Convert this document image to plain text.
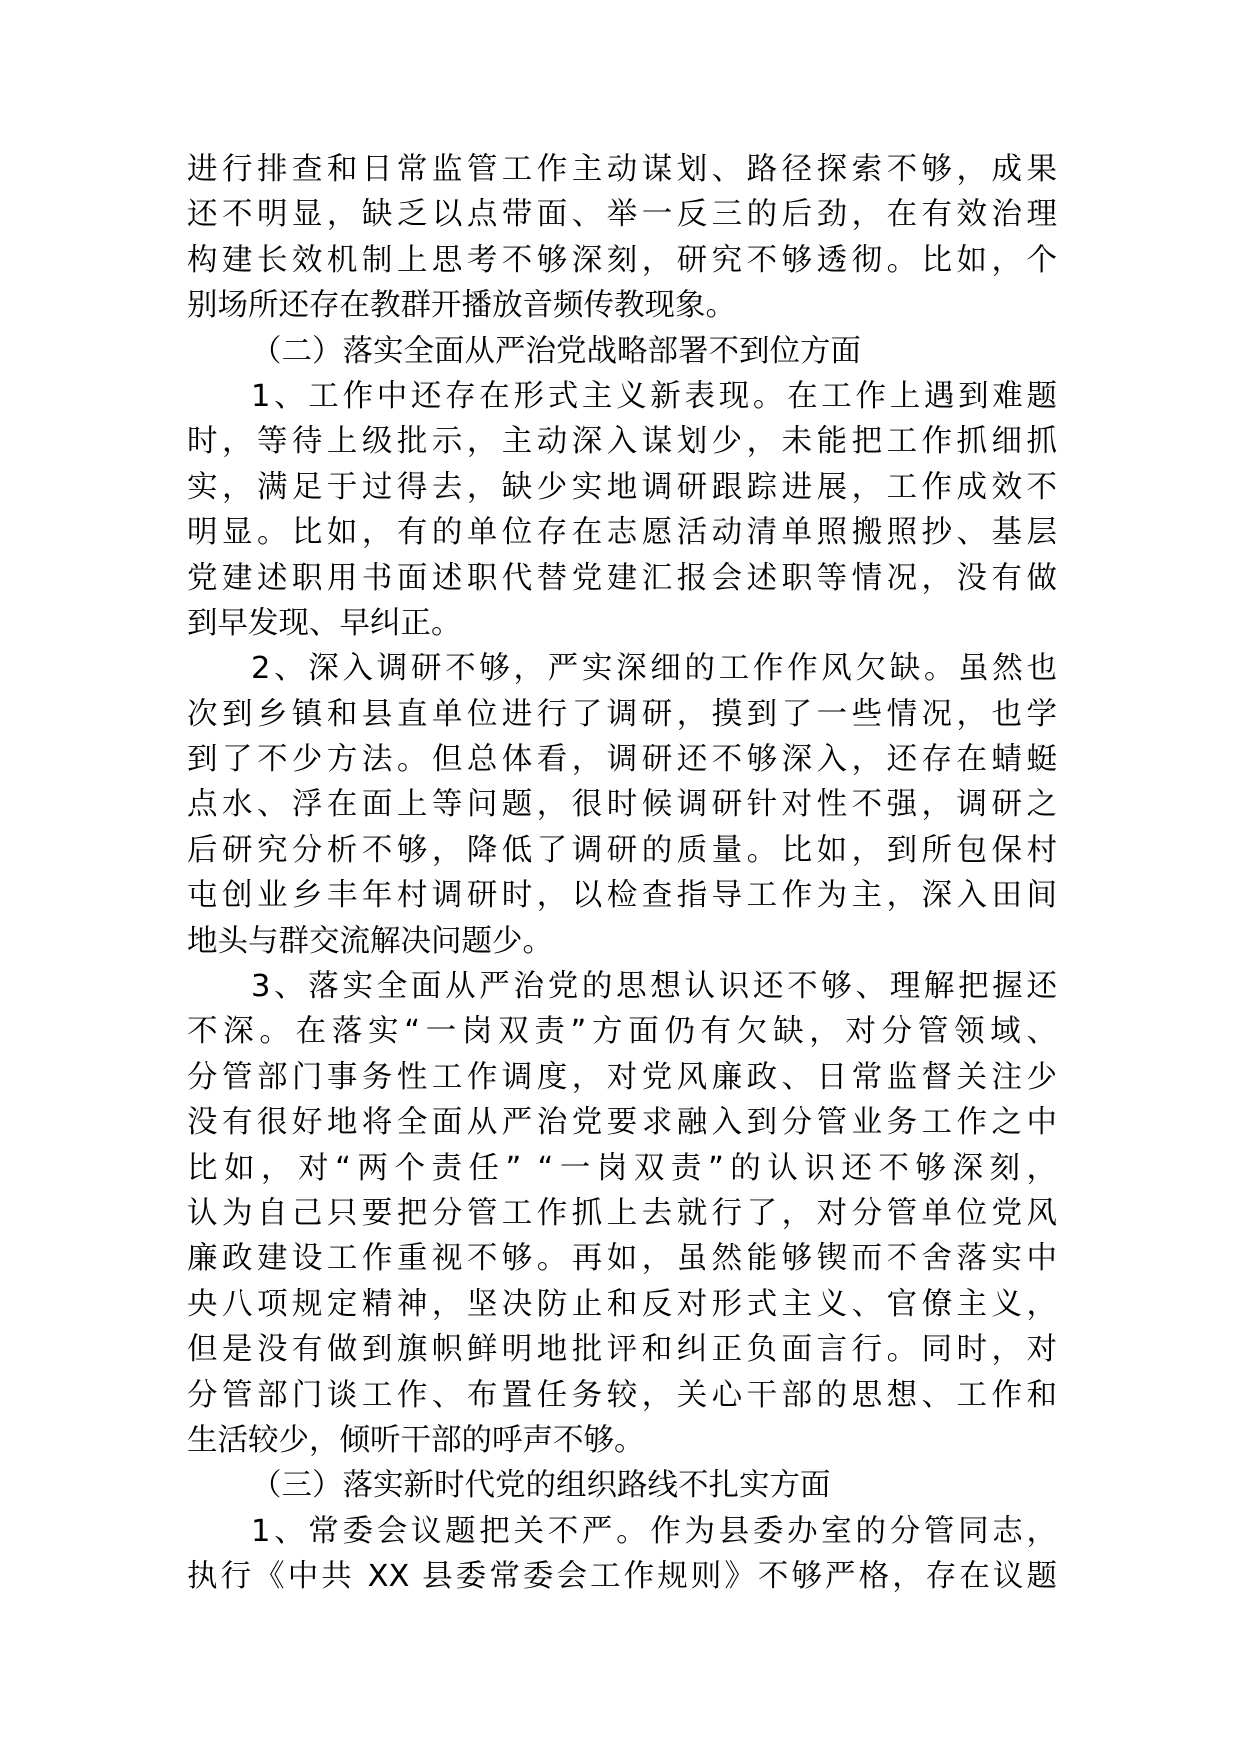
进行排查和日常监管工作主动谋划、路径探索不够，成果
还不明显，缺乏以点带面、举一反三的后劲，在有效治理
构建长效机制上思考不够深刻，研究不够透彻。比如，个
别场所还存在教群开播放音频传教现象。
（二）落实全面从严治党战略部署不到位方面
1、工作中还存在形式主义新表现。在工作上遇到难题
时，等待上级批示，主动深入谋划少，未能把工作抓细抓
实，满足于过得去，缺少实地调研跟踪进展，工作成效不
明显。比如，有的单位存在志愿活动清单照搬照抄、基层
党建述职用书面述职代替党建汇报会述职等情况，没有做
到早发现、早纠正。
2、深入调研不够，严实深细的工作作风欠缺。虽然也
次到乡镇和县直单位进行了调研，摸到了一些情况，也学
到了不少方法。但总体看，调研还不够深入，还存在蜻蜓
点水、浮在面上等问题，很时候调研针对性不强，调研之
后研究分析不够，降低了调研的质量。比如，到所包保村
屯创业乡丰年村调研时，以检查指导工作为主，深入田间
地头与群交流解决问题少。
3、落实全面从严治党的思想认识还不够、理解把握还
不深。在落实“一岗双责”方面仍有欠缺，对分管领域、
分管部门事务性工作调度，对党风廉政、日常监督关注少
没有很好地将全面从严治党要求融入到分管业务工作之中
比如，对“两个责任” “一岗双责”的认识还不够深刻，
认为自己只要把分管工作抓上去就行了，对分管单位党风
廉政建设工作重视不够。再如，虽然能够锲而不舍落实中
央八项规定精神，坚决防止和反对形式主义、官僚主义，
但是没有做到旗帜鲜明地批评和纠正负面言行。同时，对
分管部门谈工作、布置任务较，关心干部的思想、工作和
生活较少，倾听干部的呼声不够。
（三）落实新时代党的组织路线不扎实方面
1、常委会议题把关不严。作为县委办室的分管同志，
执行《中共 XX 县委常委会工作规则》不够严格，存在议题
